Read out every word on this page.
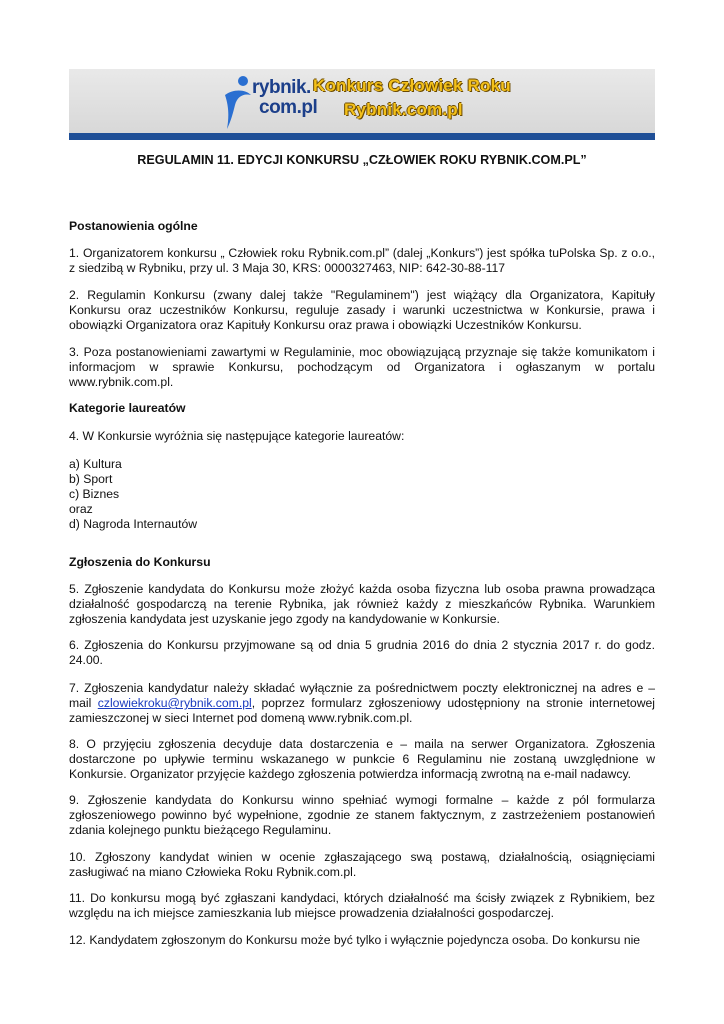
rybnik.
com.pl
Konkurs Człowiek Roku
Rybnik.com.pl
REGULAMIN 11. EDYCJI KONKURSU „CZŁOWIEK ROKU RYBNIK.COM.PL”
Postanowienia ogólne

1. Organizatorem konkursu „ Człowiek roku Rybnik.com.pl” (dalej „Konkurs”) jest spółka tuPolska Sp. z o.o., z siedzibą w Rybniku, przy ul. 3 Maja 30, KRS: 0000327463, NIP: 642-30-88-117

2. Regulamin Konkursu (zwany dalej także "Regulaminem") jest wiążący dla Organizatora, Kapituły Konkursu oraz uczestników Konkursu, reguluje zasady i warunki uczestnictwa w Konkursie, prawa i obowiązki Organizatora oraz Kapituły Konkursu oraz prawa i obowiązki Uczestników Konkursu.

3. Poza postanowieniami zawartymi w Regulaminie, moc obowiązującą przyznaje się także komunikatom i informacjom w sprawie Konkursu, pochodzącym od Organizatora i ogłaszanym w portalu www.rybnik.com.pl.

Kategorie laureatów

4. W Konkursie wyróżnia się następujące kategorie laureatów:

a) Kultura
b) Sport
c) Biznes
oraz
d) Nagroda Internautów
Zgłoszenia do Konkursu

5. Zgłoszenie kandydata do Konkursu może złożyć każda osoba fizyczna lub osoba prawna prowadząca działalność gospodarczą na terenie Rybnika, jak również każdy z mieszkańców Rybnika. Warunkiem zgłoszenia kandydata jest uzyskanie jego zgody na kandydowanie w Konkursie.

6. Zgłoszenia do Konkursu przyjmowane są od dnia 5 grudnia 2016 do dnia 2 stycznia 2017 r. do godz. 24.00.

7. Zgłoszenia kandydatur należy składać wyłącznie za pośrednictwem poczty elektronicznej na adres e – mail czlowiekroku@rybnik.com.pl, poprzez formularz zgłoszeniowy udostępniony na stronie internetowej zamieszczonej w sieci Internet pod domeną www.rybnik.com.pl.

8. O przyjęciu zgłoszenia decyduje data dostarczenia e – maila na serwer Organizatora. Zgłoszenia dostarczone po upływie terminu wskazanego w punkcie 6 Regulaminu nie zostaną uwzględnione w Konkursie. Organizator przyjęcie każdego zgłoszenia potwierdza informacją zwrotną na e-mail nadawcy.

9. Zgłoszenie kandydata do Konkursu winno spełniać wymogi formalne – każde z pól formularza zgłoszeniowego powinno być wypełnione, zgodnie ze stanem faktycznym, z zastrzeżeniem postanowień zdania kolejnego punktu bieżącego Regulaminu.

10. Zgłoszony kandydat winien w ocenie zgłaszającego swą postawą, działalnością, osiągnięciami zasługiwać na miano Człowieka Roku Rybnik.com.pl.

11. Do konkursu mogą być zgłaszani kandydaci, których działalność ma ścisły związek z Rybnikiem, bez względu na ich miejsce zamieszkania lub miejsce prowadzenia działalności gospodarczej.

12. Kandydatem zgłoszonym do Konkursu może być tylko i wyłącznie pojedyncza osoba. Do konkursu nie
